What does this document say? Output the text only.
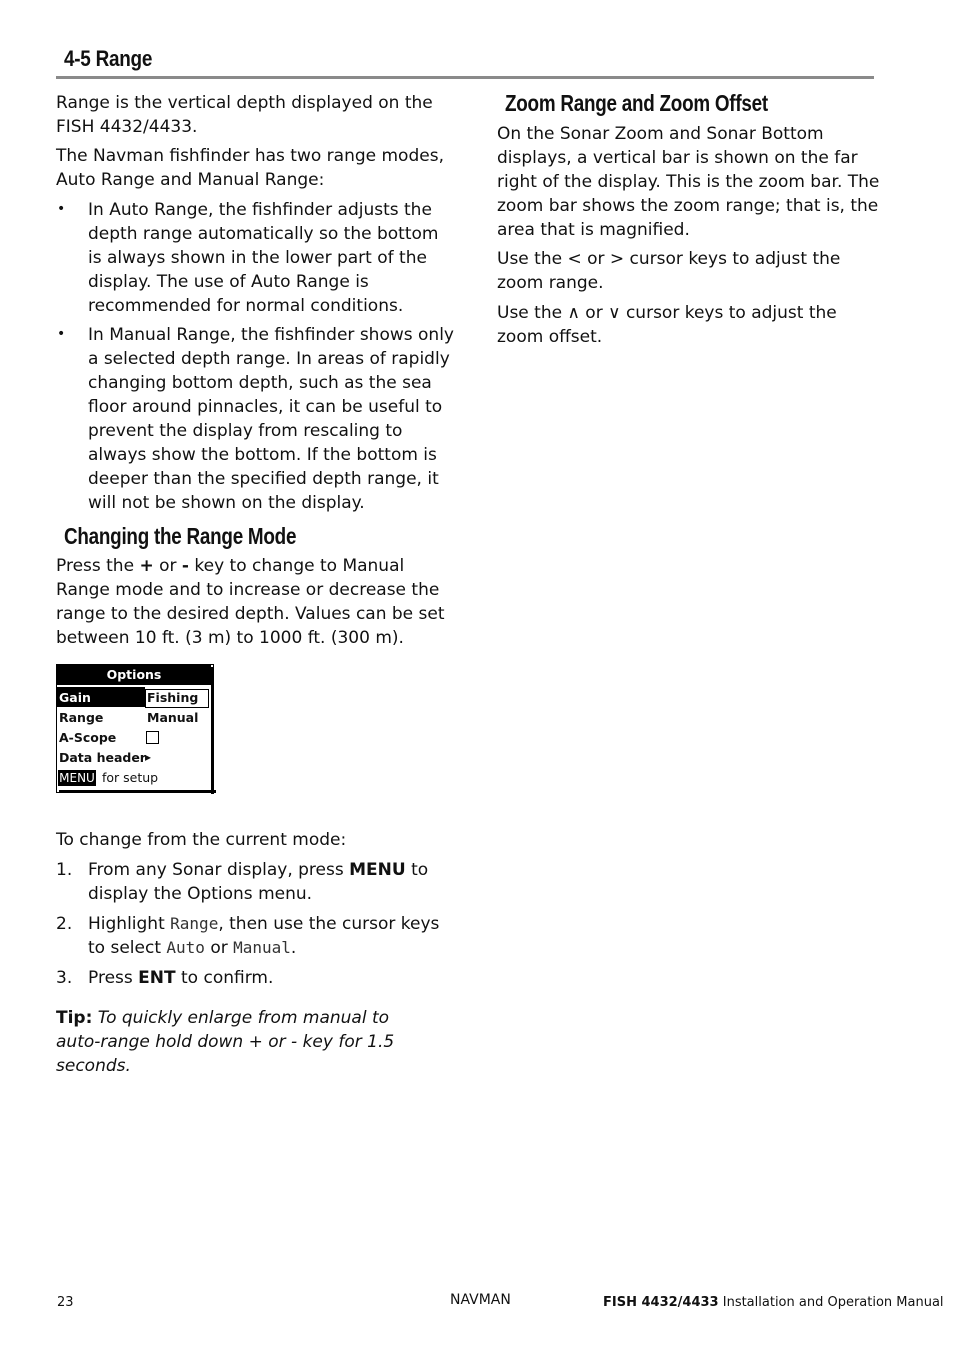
4-5 Range
Range is the vertical depth displayed on the FISH 4432/4433.
The Navman fishfinder has two range modes, Auto Range and Manual Range:
• In Auto Range, the fishfinder adjusts the depth range automatically so the bottom is always shown in the lower part of the display. The use of Auto Range is recommended for normal conditions.
• In Manual Range, the fishfinder shows only a selected depth range. In areas of rapidly changing bottom depth, such as the sea floor around pinnacles, it can be useful to prevent the display from rescaling to always show the bottom. If the bottom is deeper than the specified depth range, it will not be shown on the display.
Changing the Range Mode
Press the + or - key to change to Manual Range mode and to increase or decrease the range to the desired depth. Values can be set between 10 ft. (3 m) to 1000 ft. (300 m).
Options
Gain	Fishing
Range	Manual
A-Scope
Data header ▸
MENU for setup
To change from the current mode:
1. From any Sonar display, press MENU to display the Options menu.
2. Highlight Range, then use the cursor keys to select Auto or Manual.
3. Press ENT to confirm.
Tip: To quickly enlarge from manual to auto-range hold down + or - key for 1.5 seconds.
Zoom Range and Zoom Offset
On the Sonar Zoom and Sonar Bottom displays, a vertical bar is shown on the far right of the display. This is the zoom bar. The zoom bar shows the zoom range; that is, the area that is magnified.
Use the < or > cursor keys to adjust the zoom range.
Use the ∧ or ∨ cursor keys to adjust the zoom offset.
23	NAVMAN	FISH 4432/4433 Installation and Operation Manual
